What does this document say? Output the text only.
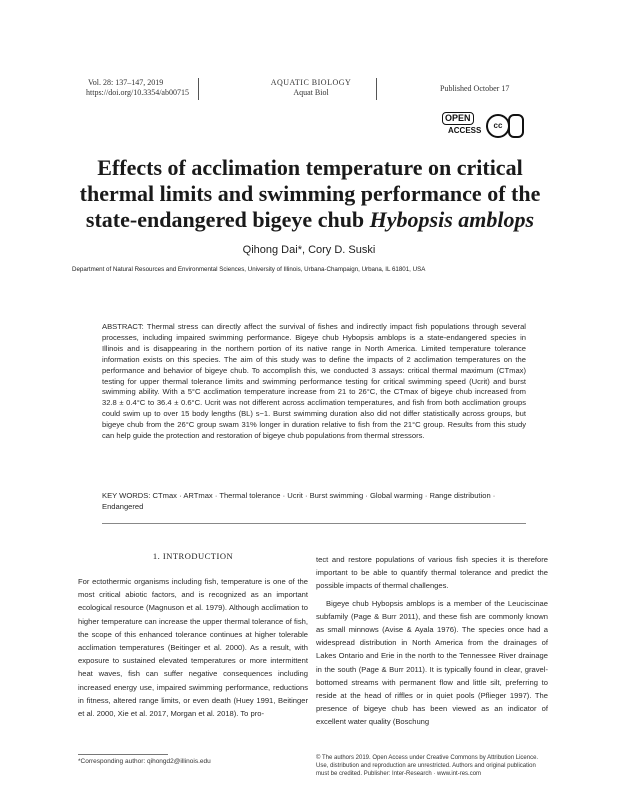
Vol. 28: 137–147, 2019
https://doi.org/10.3354/ab00715
AQUATIC BIOLOGY
Aquat Biol	Published October 17
OPEN
ACCESS
cc
Effects of acclimation temperature on critical
thermal limits and swimming performance of the
state-endangered bigeye chub Hybopsis amblops
Qihong Dai*, Cory D. Suski
Department of Natural Resources and Environmental Sciences, University of Illinois, Urbana-Champaign, Urbana, IL 61801, USA
ABSTRACT: Thermal stress can directly affect the survival of fishes and indirectly impact fish populations through several processes, including impaired swimming performance. Bigeye chub Hybopsis amblops is a state-endangered species in Illinois and is disappearing in the northern portion of its native range in North America. Limited temperature tolerance information exists on this species. The aim of this study was to define the impacts of 2 acclimation temperatures on the performance and behavior of bigeye chub. To accomplish this, we conducted 3 assays: critical thermal maximum (CTmax) testing for upper thermal tolerance limits and swimming performance testing for critical swimming speed (Ucrit) and burst swimming ability. With a 5°C acclimation temperature increase from 21 to 26°C, the CTmax of bigeye chub increased from 32.8 ± 0.4°C to 36.4 ± 0.6°C. Ucrit was not different across acclimation temperatures, and fish from both acclimation groups could swim up to over 15 body lengths (BL) s−1. Burst swimming duration also did not differ statistically across groups, but bigeye chub from the 26°C group swam 31% longer in duration relative to fish from the 21°C group. Results from this study can help guide the protection and restoration of bigeye chub populations from thermal stressors.
KEY WORDS: CTmax · ARTmax · Thermal tolerance · Ucrit · Burst swimming · Global warming · Range distribution · Endangered
1. INTRODUCTION
For ectothermic organisms including fish, temperature is one of the most critical abiotic factors, and is recognized as an important ecological resource (Magnuson et al. 1979). Although acclimation to higher temperature can increase the upper thermal tolerance of fish, the scope of this enhanced tolerance continues at higher tolerable acclimation temperatures (Beitinger et al. 2000). As a result, with exposure to sustained elevated temperatures or more intermittent heat waves, fish can suffer negative consequences including increased energy use, impaired swimming performance, reductions in fitness, altered range limits, or even death (Huey 1991, Beitinger et al. 2000, Xie et al. 2017, Morgan et al. 2018). To pro-
tect and restore populations of various fish species it is therefore important to be able to quantify thermal tolerance and predict the possible impacts of thermal challenges.
Bigeye chub Hybopsis amblops is a member of the Leuciscinae subfamily (Page & Burr 2011), and these fish are commonly known as small minnows (Avise & Ayala 1976). The species once had a widespread distribution in North America from the drainages of Lakes Ontario and Erie in the north to the Tennessee River drainage in the south (Page & Burr 2011). It is typically found in clear, gravel-bottomed streams with permanent flow and little silt, preferring to reside at the head of riffles or in quiet pools (Pflieger 1997). The presence of bigeye chub has been viewed as an indicator of excellent water quality (Boschung
*Corresponding author: qihongd2@illinois.edu	© The authors 2019. Open Access under Creative Commons by Attribution Licence. Use, distribution and reproduction are unrestricted. Authors and original publication must be credited. Publisher: Inter-Research · www.int-res.com
